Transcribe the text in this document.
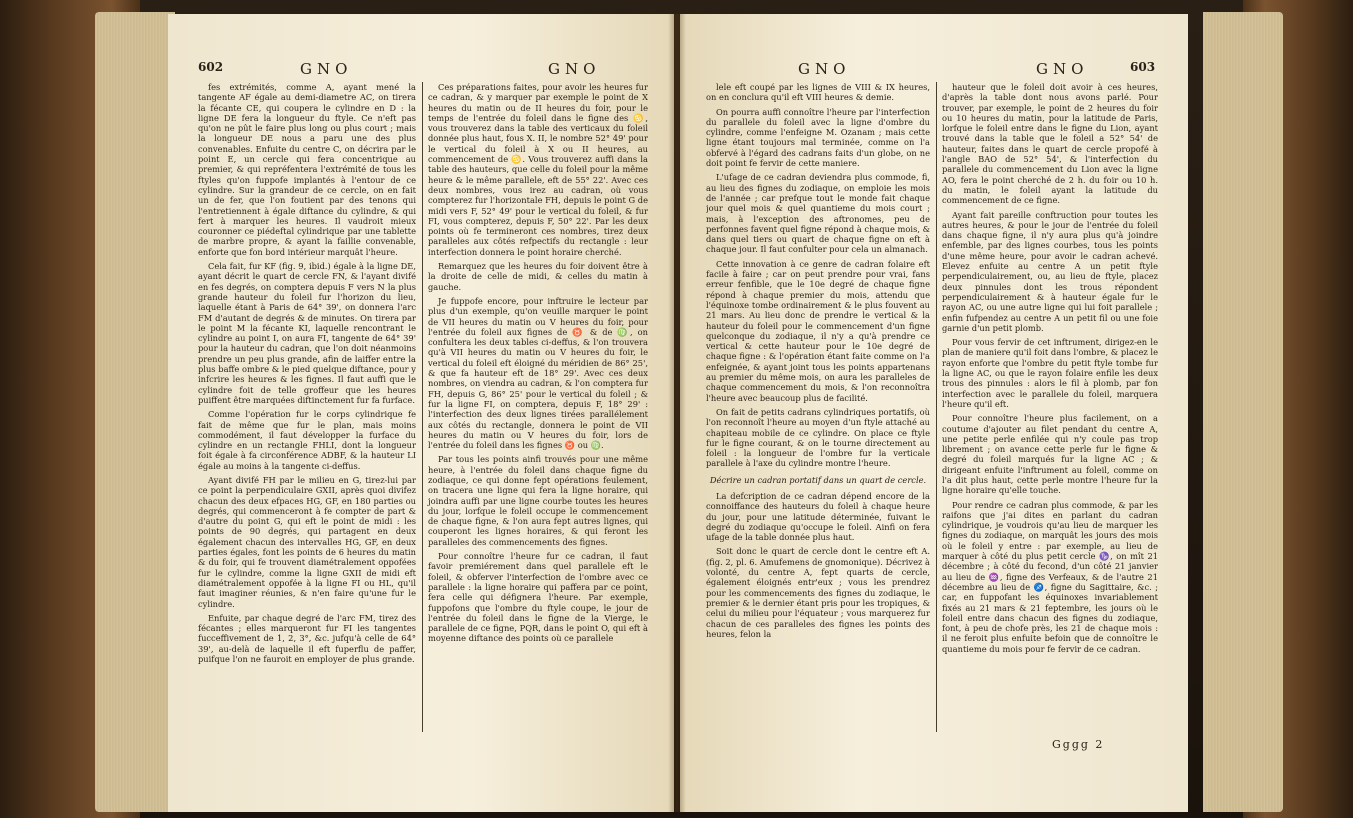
602	GNO	GNO

fes extrémités, comme A, ayant mené la tangente AF égale au demi-diametre AC, on tirera la fécante CE, qui coupera le cylindre en D : la ligne DE fera la longueur du ftyle. Ce n'eft pas qu'on ne pût le faire plus long ou plus court ; mais la longueur DE nous a paru une des plus convenables. Enfuite du centre C, on décrira par le point E, un cercle qui fera concentrique au premier, & qui repréfentera l'extrémité de tous les ftyles qu'on fuppofe implantés à l'entour de ce cylindre. Sur la grandeur de ce cercle, on en fait un de fer, que l'on foutient par des tenons qui l'entretiennent à égale diftance du cylindre, & qui fert à marquer les heures. Il vaudroit mieux couronner ce piédeftal cylindrique par une tablette de marbre propre, & ayant la faillie convenable, enforte que fon bord intérieur marquât l'heure.

Cela fait, fur KF (fig. 9, ibid.) égale à la ligne DE, ayant décrit le quart de cercle FN, & l'ayant divifé en fes degrés, on comptera depuis F vers N la plus grande hauteur du foleil fur l'horizon du lieu, laquelle étant à Paris de 64° 39', on donnera l'arc FM d'autant de degrés & de minutes. On tirera par le point M la fécante KI, laquelle rencontrant le cylindre au point I, on aura FI, tangente de 64° 39' pour la hauteur du cadran, que l'on doit néanmoins prendre un peu plus grande, afin de laiffer entre la plus baffe ombre & le pied quelque diftance, pour y infcrire les heures & les fignes. Il faut auffi que le cylindre foit de telle groffeur que les heures puiffent être marquées diftinctement fur fa furface.

Comme l'opération fur le corps cylindrique fe fait de même que fur le plan, mais moins commodément, il faut développer la furface du cylindre en un rectangle FHLI, dont la longueur foit égale à fa circonférence ADBF, & la hauteur LI égale au moins à la tangente ci-deffus.

Ayant divifé FH par le milieu en G, tirez-lui par ce point la perpendiculaire GXII, après quoi divifez chacun des deux efpaces HG, GF, en 180 parties ou degrés, qui commenceront à fe compter de part & d'autre du point G, qui eft le point de midi : les points de 90 degrés, qui partagent en deux également chacun des intervalles HG, GF, en deux parties égales, font les points de 6 heures du matin & du foir, qui fe trouvent diamétralement oppofées fur le cylindre, comme la ligne GXII de midi eft diamétralement oppofée à la ligne FI ou HL, qu'il faut imaginer réunies, & n'en faire qu'une fur le cylindre.

Enfuite, par chaque degré de l'arc FM, tirez des fécantes ; elles marqueront fur FI les tangentes fucceffivement de 1, 2, 3°, &c. jufqu'à celle de 64° 39', au-delà de laquelle il eft fuperflu de paffer, puifque l'on ne fauroit en employer de plus grande.

Ces préparations faites, pour avoir les heures fur ce cadran, & y marquer par exemple le point de X heures du matin ou de II heures du foir, pour le temps de l'entrée du foleil dans le figne des ♋, vous trouverez dans la table des verticaux du foleil donnée plus haut, fous X. II, le nombre 52° 49' pour le vertical du foleil à X ou II heures, au commencement de ♋. Vous trouverez auffi dans la table des hauteurs, que celle du foleil pour la même heure & le même parallele, eft de 55° 22'. Avec ces deux nombres, vous irez au cadran, où vous compterez fur l'horizontale FH, depuis le point G de midi vers F, 52° 49' pour le vertical du foleil, & fur FI, vous compterez, depuis F, 50° 22'. Par les deux points où fe termineront ces nombres, tirez deux paralleles aux côtés refpectifs du rectangle : leur interfection donnera le point horaire cherché.

Remarquez que les heures du foir doivent être à la droite de celle de midi, & celles du matin à gauche.

Je fuppofe encore, pour inftruire le lecteur par plus d'un exemple, qu'on veuille marquer le point de VII heures du matin ou V heures du foir, pour l'entrée du foleil aux fignes de ♉ & de ♍, on confultera les deux tables ci-deffus, & l'on trouvera qu'à VII heures du matin ou V heures du foir, le vertical du foleil eft éloigné du méridien de 86° 25', & que fa hauteur eft de 18° 29'. Avec ces deux nombres, on viendra au cadran, & l'on comptera fur FH, depuis G, 86° 25' pour le vertical du foleil ; & fur la ligne FI, on comptera, depuis F, 18° 29' : l'interfection des deux lignes tirées parallélement aux côtés du rectangle, donnera le point de VII heures du matin ou V heures du foir, lors de l'entrée du foleil dans les fignes ♉ ou ♍.

Par tous les points ainfi trouvés pour une même heure, à l'entrée du foleil dans chaque figne du zodiaque, ce qui donne fept opérations feulement, on tracera une ligne qui fera la ligne horaire, qui joindra auffi par une ligne courbe toutes les heures du jour, lorfque le foleil occupe le commencement de chaque figne, & l'on aura fept autres lignes, qui couperont les lignes horaires, & qui feront les paralleles des commencements des fignes.

Pour connoître l'heure fur ce cadran, il faut favoir premiérement dans quel parallele eft le foleil, & obferver l'interfection de l'ombre avec ce parallele : la ligne horaire qui paffera par ce point, fera celle qui défignera l'heure. Par exemple, fuppofons que l'ombre du ftyle coupe, le jour de l'entrée du foleil dans le figne de la Vierge, le parallele de ce figne, PQR, dans le point O, qui eft à moyenne diftance des points où ce parallele

GNO	GNO	603

lele eft coupé par les lignes de VIII & IX heures, on en conclura qu'il eft VIII heures & demie.

On pourra auffi connoître l'heure par l'interfection du parallele du foleil avec la ligne d'ombre du cylindre, comme l'enfeigne M. Ozanam ; mais cette ligne étant toujours mal terminée, comme on l'a obfervé à l'égard des cadrans faits d'un globe, on ne doit point fe fervir de cette maniere.

L'ufage de ce cadran deviendra plus commode, fi, au lieu des fignes du zodiaque, on emploie les mois de l'année ; car prefque tout le monde fait chaque jour quel mois & quel quantieme du mois court ; mais, à l'exception des aftronomes, peu de perfonnes favent quel figne répond à chaque mois, & dans quel tiers ou quart de chaque figne on eft à chaque jour. Il faut confulter pour cela un almanach.

Cette innovation à ce genre de cadran folaire eft facile à faire ; car on peut prendre pour vrai, fans erreur fenfible, que le 10e degré de chaque figne répond à chaque premier du mois, attendu que l'équinoxe tombe ordinairement & le plus fouvent au 21 mars. Au lieu donc de prendre le vertical & la hauteur du foleil pour le commencement d'un figne quelconque du zodiaque, il n'y a qu'à prendre ce vertical & cette hauteur pour le 10e degré de chaque figne : & l'opération étant faite comme on l'a enfeignée, & ayant joint tous les points appartenans au premier du même mois, on aura les paralleles de chaque commencement du mois, & l'on reconnoîtra l'heure avec beaucoup plus de facilité.

On fait de petits cadrans cylindriques portatifs, où l'on reconnoît l'heure au moyen d'un ftyle attaché au chapiteau mobile de ce cylindre. On place ce ftyle fur le figne courant, & on le tourne directement au foleil : la longueur de l'ombre fur la verticale parallele à l'axe du cylindre montre l'heure.

Décrire un cadran portatif dans un quart de cercle.

La defcription de ce cadran dépend encore de la connoiffance des hauteurs du foleil à chaque heure du jour, pour une latitude déterminée, fuivant le degré du zodiaque qu'occupe le foleil. Ainfi on fera ufage de la table donnée plus haut.

Soit donc le quart de cercle dont le centre eft A. (fig. 2, pl. 6. Amufemens de gnomonique). Décrivez à volonté, du centre A, fept quarts de cercle, également éloignés entr'eux ; vous les prendrez pour les commencements des fignes du zodiaque, le premier & le dernier étant pris pour les tropiques, & celui du milieu pour l'équateur ; vous marquerez fur chacun de ces paralleles des fignes les points des heures, felon la

hauteur que le foleil doit avoir à ces heures, d'après la table dont nous avons parlé. Pour trouver, par exemple, le point de 2 heures du foir ou 10 heures du matin, pour la latitude de Paris, lorfque le foleil entre dans le figne du Lion, ayant trouvé dans la table que le foleil a 52° 54' de hauteur, faites dans le quart de cercle propofé à l'angle BAO de 52° 54', & l'interfection du parallele du commencement du Lion avec la ligne AO, fera le point cherché de 2 h. du foir ou 10 h. du matin, le foleil ayant la latitude du commencement de ce figne.

Ayant fait pareille conftruction pour toutes les autres heures, & pour le jour de l'entrée du foleil dans chaque figne, il n'y aura plus qu'à joindre enfemble, par des lignes courbes, tous les points d'une même heure, pour avoir le cadran achevé. Elevez enfuite au centre A un petit ftyle perpendiculairement, ou, au lieu de ftyle, placez deux pinnules dont les trous répondent perpendiculairement & à hauteur égale fur le rayon AC, ou une autre ligne qui lui foit parallele ; enfin fufpendez au centre A un petit fil ou une foie garnie d'un petit plomb.

Pour vous fervir de cet inftrument, dirigez-en le plan de maniere qu'il foit dans l'ombre, & placez le rayon enforte que l'ombre du petit ftyle tombe fur la ligne AC, ou que le rayon folaire enfile les deux trous des pinnules : alors le fil à plomb, par fon interfection avec le parallele du foleil, marquera l'heure qu'il eft.

Pour connoître l'heure plus facilement, on a coutume d'ajouter au filet pendant du centre A, une petite perle enfilée qui n'y coule pas trop librement ; on avance cette perle fur le figne & degré du foleil marqués fur la ligne AC ; & dirigeant enfuite l'inftrument au foleil, comme on l'a dit plus haut, cette perle montre l'heure fur la ligne horaire qu'elle touche.

Pour rendre ce cadran plus commode, & par les raifons que j'ai dites en parlant du cadran cylindrique, je voudrois qu'au lieu de marquer les fignes du zodiaque, on marquât les jours des mois où le foleil y entre : par exemple, au lieu de marquer à côté du plus petit cercle ♑, on mît 21 décembre ; à côté du fecond, d'un côté 21 janvier au lieu de ♒, figne des Verfeaux, & de l'autre 21 décembre au lieu de ♐, figne du Sagittaire, &c. ; car, en fuppofant les équinoxes invariablement fixés au 21 mars & 21 feptembre, les jours où le foleil entre dans chacun des fignes du zodiaque, font, à peu de chofe près, les 21 de chaque mois : il ne feroit plus enfuite befoin que de connoître le quantieme du mois pour fe fervir de ce cadran.

Gggg 2
